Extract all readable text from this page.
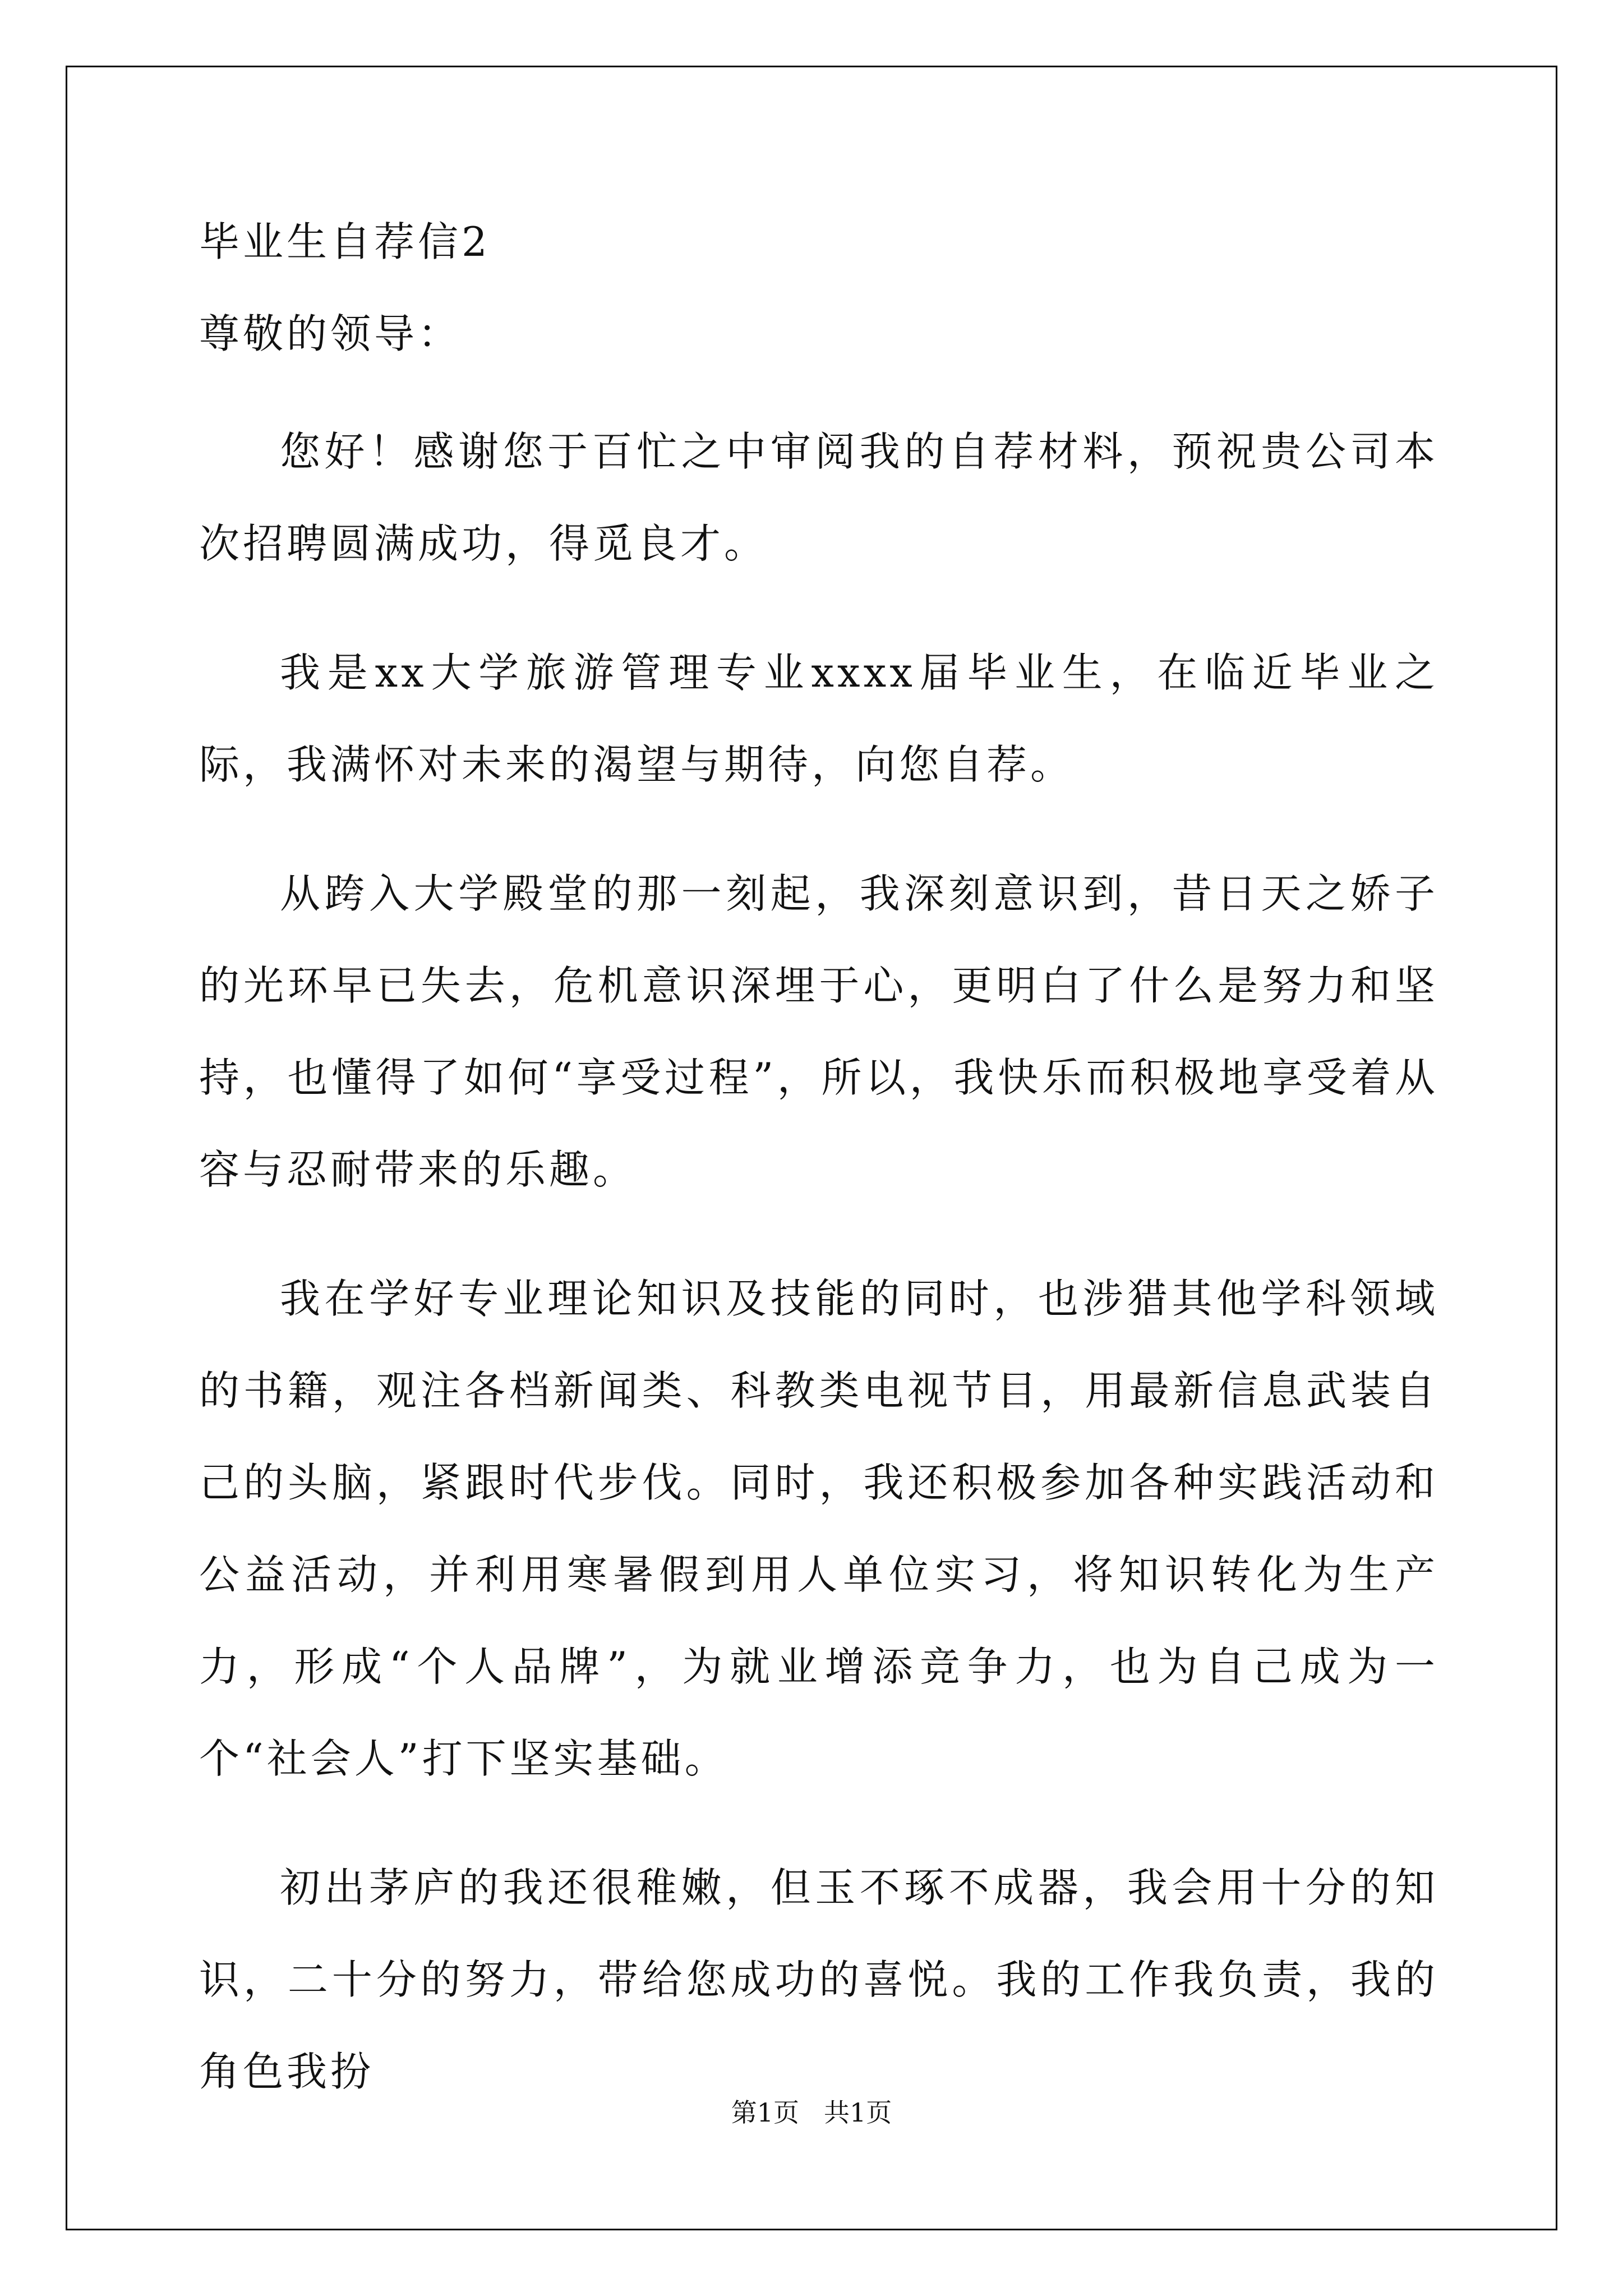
毕业生自荐信2

尊敬的领导：

您好！感谢您于百忙之中审阅我的自荐材料，预祝贵公司本次招聘圆满成功，得觅良才。

我是xx大学旅游管理专业xxxx届毕业生，在临近毕业之际，我满怀对未来的渴望与期待，向您自荐。

从跨入大学殿堂的那一刻起，我深刻意识到，昔日天之娇子的光环早已失去，危机意识深埋于心，更明白了什么是努力和坚持，也懂得了如何“享受过程”，所以，我快乐而积极地享受着从容与忍耐带来的乐趣。

我在学好专业理论知识及技能的同时，也涉猎其他学科领域的书籍，观注各档新闻类、科教类电视节目，用最新信息武装自己的头脑，紧跟时代步伐。同时，我还积极参加各种实践活动和公益活动，并利用寒暑假到用人单位实习，将知识转化为生产力，形成“个人品牌”，为就业增添竞争力，也为自己成为一个“社会人”打下坚实基础。

初出茅庐的我还很稚嫩，但玉不琢不成器，我会用十分的知识，二十分的努力，带给您成功的喜悦。我的工作我负责，我的角色我扮

第1页 共1页
